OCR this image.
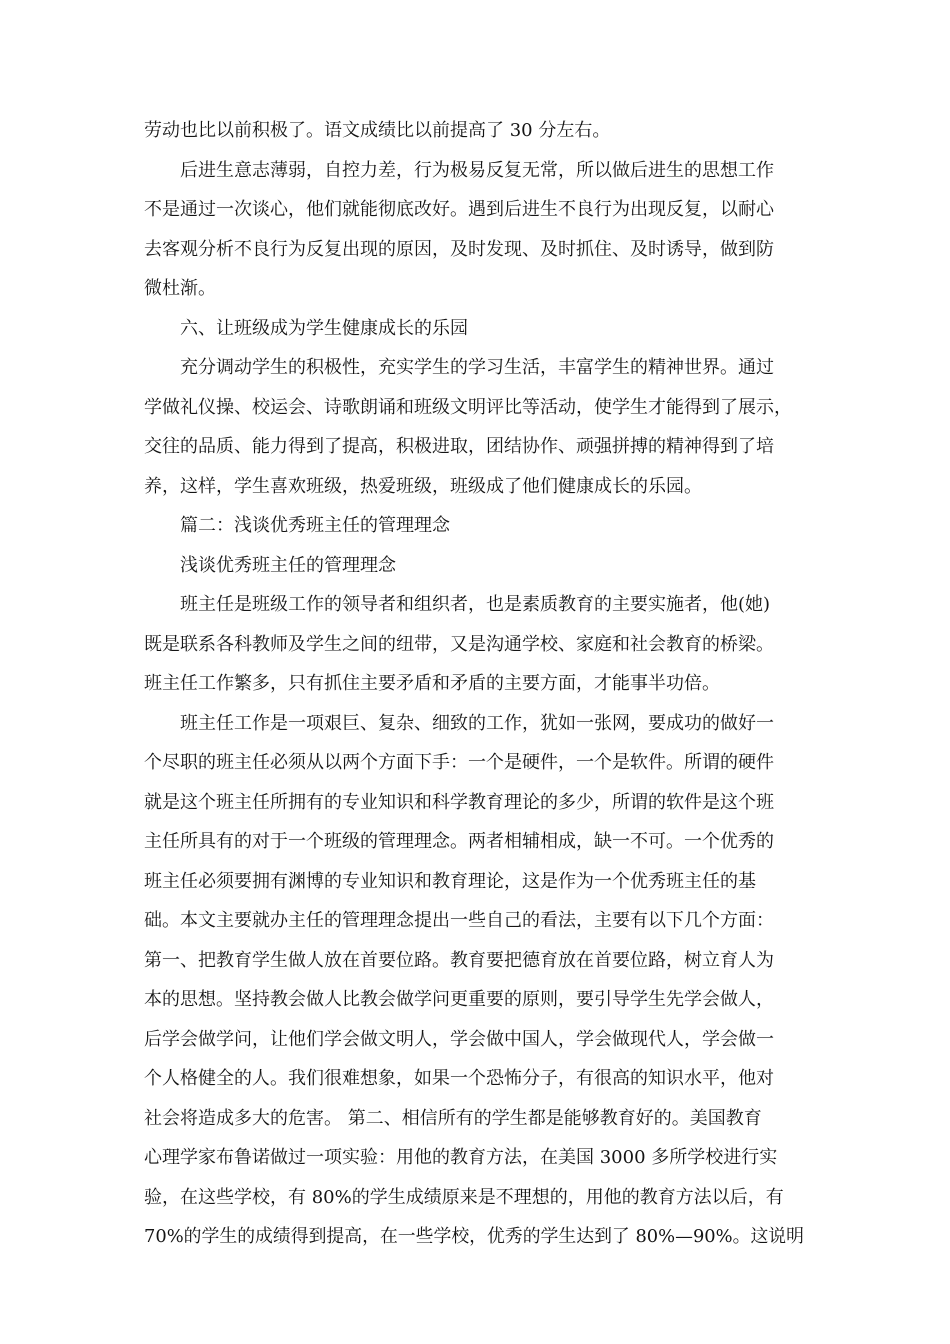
劳动也比以前积极了。语文成绩比以前提高了 30 分左右。
后进生意志薄弱，自控力差，行为极易反复无常，所以做后进生的思想工作
不是通过一次谈心，他们就能彻底改好。遇到后进生不良行为出现反复，以耐心
去客观分析不良行为反复出现的原因，及时发现、及时抓住、及时诱导，做到防
微杜渐。
六、让班级成为学生健康成长的乐园
充分调动学生的积极性，充实学生的学习生活，丰富学生的精神世界。通过
学做礼仪操、校运会、诗歌朗诵和班级文明评比等活动，使学生才能得到了展示，
交往的品质、能力得到了提高，积极进取，团结协作、顽强拼搏的精神得到了培
养，这样，学生喜欢班级，热爱班级，班级成了他们健康成长的乐园。
篇二：浅谈优秀班主任的管理理念
浅谈优秀班主任的管理理念
班主任是班级工作的领导者和组织者，也是素质教育的主要实施者，他(她)
既是联系各科教师及学生之间的纽带，又是沟通学校、家庭和社会教育的桥梁。
班主任工作繁多，只有抓住主要矛盾和矛盾的主要方面，才能事半功倍。
班主任工作是一项艰巨、复杂、细致的工作，犹如一张网，要成功的做好一
个尽职的班主任必须从以两个方面下手：一个是硬件，一个是软件。所谓的硬件
就是这个班主任所拥有的专业知识和科学教育理论的多少，所谓的软件是这个班
主任所具有的对于一个班级的管理理念。两者相辅相成，缺一不可。一个优秀的
班主任必须要拥有渊博的专业知识和教育理论，这是作为一个优秀班主任的基
础。本文主要就办主任的管理理念提出一些自己的看法，主要有以下几个方面：
第一、把教育学生做人放在首要位路。教育要把德育放在首要位路，树立育人为
本的思想。坚持教会做人比教会做学问更重要的原则，要引导学生先学会做人，
后学会做学问，让他们学会做文明人，学会做中国人，学会做现代人，学会做一
个人格健全的人。我们很难想象，如果一个恐怖分子，有很高的知识水平，他对
社会将造成多大的危害。 第二、相信所有的学生都是能够教育好的。美国教育
心理学家布鲁诺做过一项实验：用他的教育方法，在美国 3000 多所学校进行实
验，在这些学校，有 80%的学生成绩原来是不理想的，用他的教育方法以后，有
70%的学生的成绩得到提高，在一些学校，优秀的学生达到了 80%—90%。这说明
